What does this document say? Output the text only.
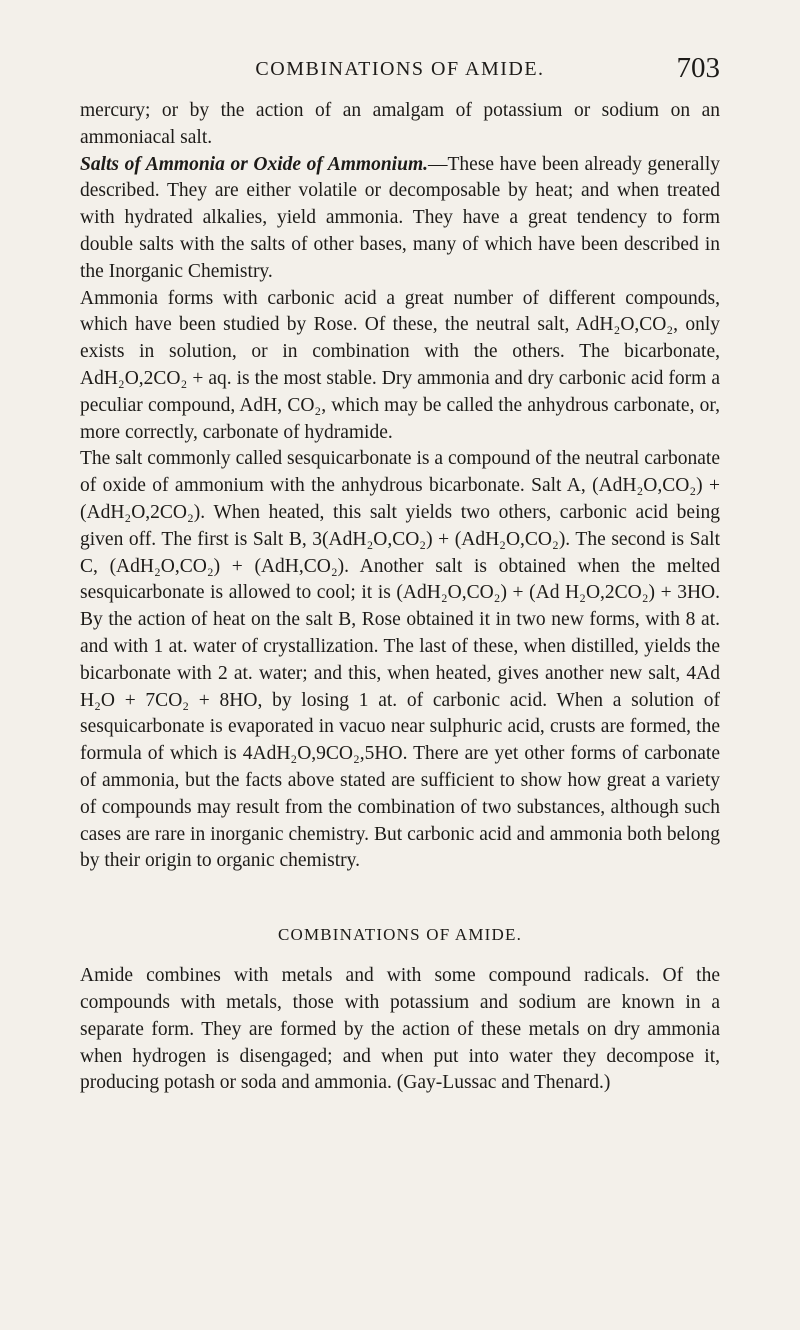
COMBINATIONS OF AMIDE.	703

mercury; or by the action of an amalgam of potassium or sodium on an ammoniacal salt.

Salts of Ammonia or Oxide of Ammonium.—These have been already generally described. They are either volatile or decomposable by heat; and when treated with hydrated alkalies, yield ammonia. They have a great tendency to form double salts with the salts of other bases, many of which have been described in the Inorganic Chemistry.

Ammonia forms with carbonic acid a great number of different compounds, which have been studied by Rose. Of these, the neutral salt, AdH₂O,CO₂, only exists in solution, or in combination with the others. The bicarbonate, AdH₂O,2CO₂ + aq. is the most stable. Dry ammonia and dry carbonic acid form a peculiar compound, AdH, CO₂, which may be called the anhydrous carbonate, or, more correctly, carbonate of hydramide.

The salt commonly called sesquicarbonate is a compound of the neutral carbonate of oxide of ammonium with the anhydrous bicarbonate. Salt A, (AdH₂O,CO₂) + (AdH₂O,2CO₂). When heated, this salt yields two others, carbonic acid being given off. The first is Salt B, 3(AdH₂O,CO₂) + (AdH₂O,CO₂). The second is Salt C, (AdH₂O,CO₂) + (AdH,CO₂). Another salt is obtained when the melted sesquicarbonate is allowed to cool; it is (AdH₂O,CO₂) + (Ad H₂O,2CO₂) + 3HO. By the action of heat on the salt B, Rose obtained it in two new forms, with 8 at. and with 1 at. water of crystallization. The last of these, when distilled, yields the bicarbonate with 2 at. water; and this, when heated, gives another new salt, 4Ad H₂O + 7CO₂ + 8HO, by losing 1 at. of carbonic acid. When a solution of sesquicarbonate is evaporated in vacuo near sulphuric acid, crusts are formed, the formula of which is 4AdH₂O,9CO₂,5HO. There are yet other forms of carbonate of ammonia, but the facts above stated are sufficient to show how great a variety of compounds may result from the combination of two substances, although such cases are rare in inorganic chemistry. But carbonic acid and ammonia both belong by their origin to organic chemistry.

COMBINATIONS OF AMIDE.

Amide combines with metals and with some compound radicals. Of the compounds with metals, those with potassium and sodium are known in a separate form. They are formed by the action of these metals on dry ammonia when hydrogen is disengaged; and when put into water they decompose it, producing potash or soda and ammonia. (Gay-Lussac and Thenard.)
